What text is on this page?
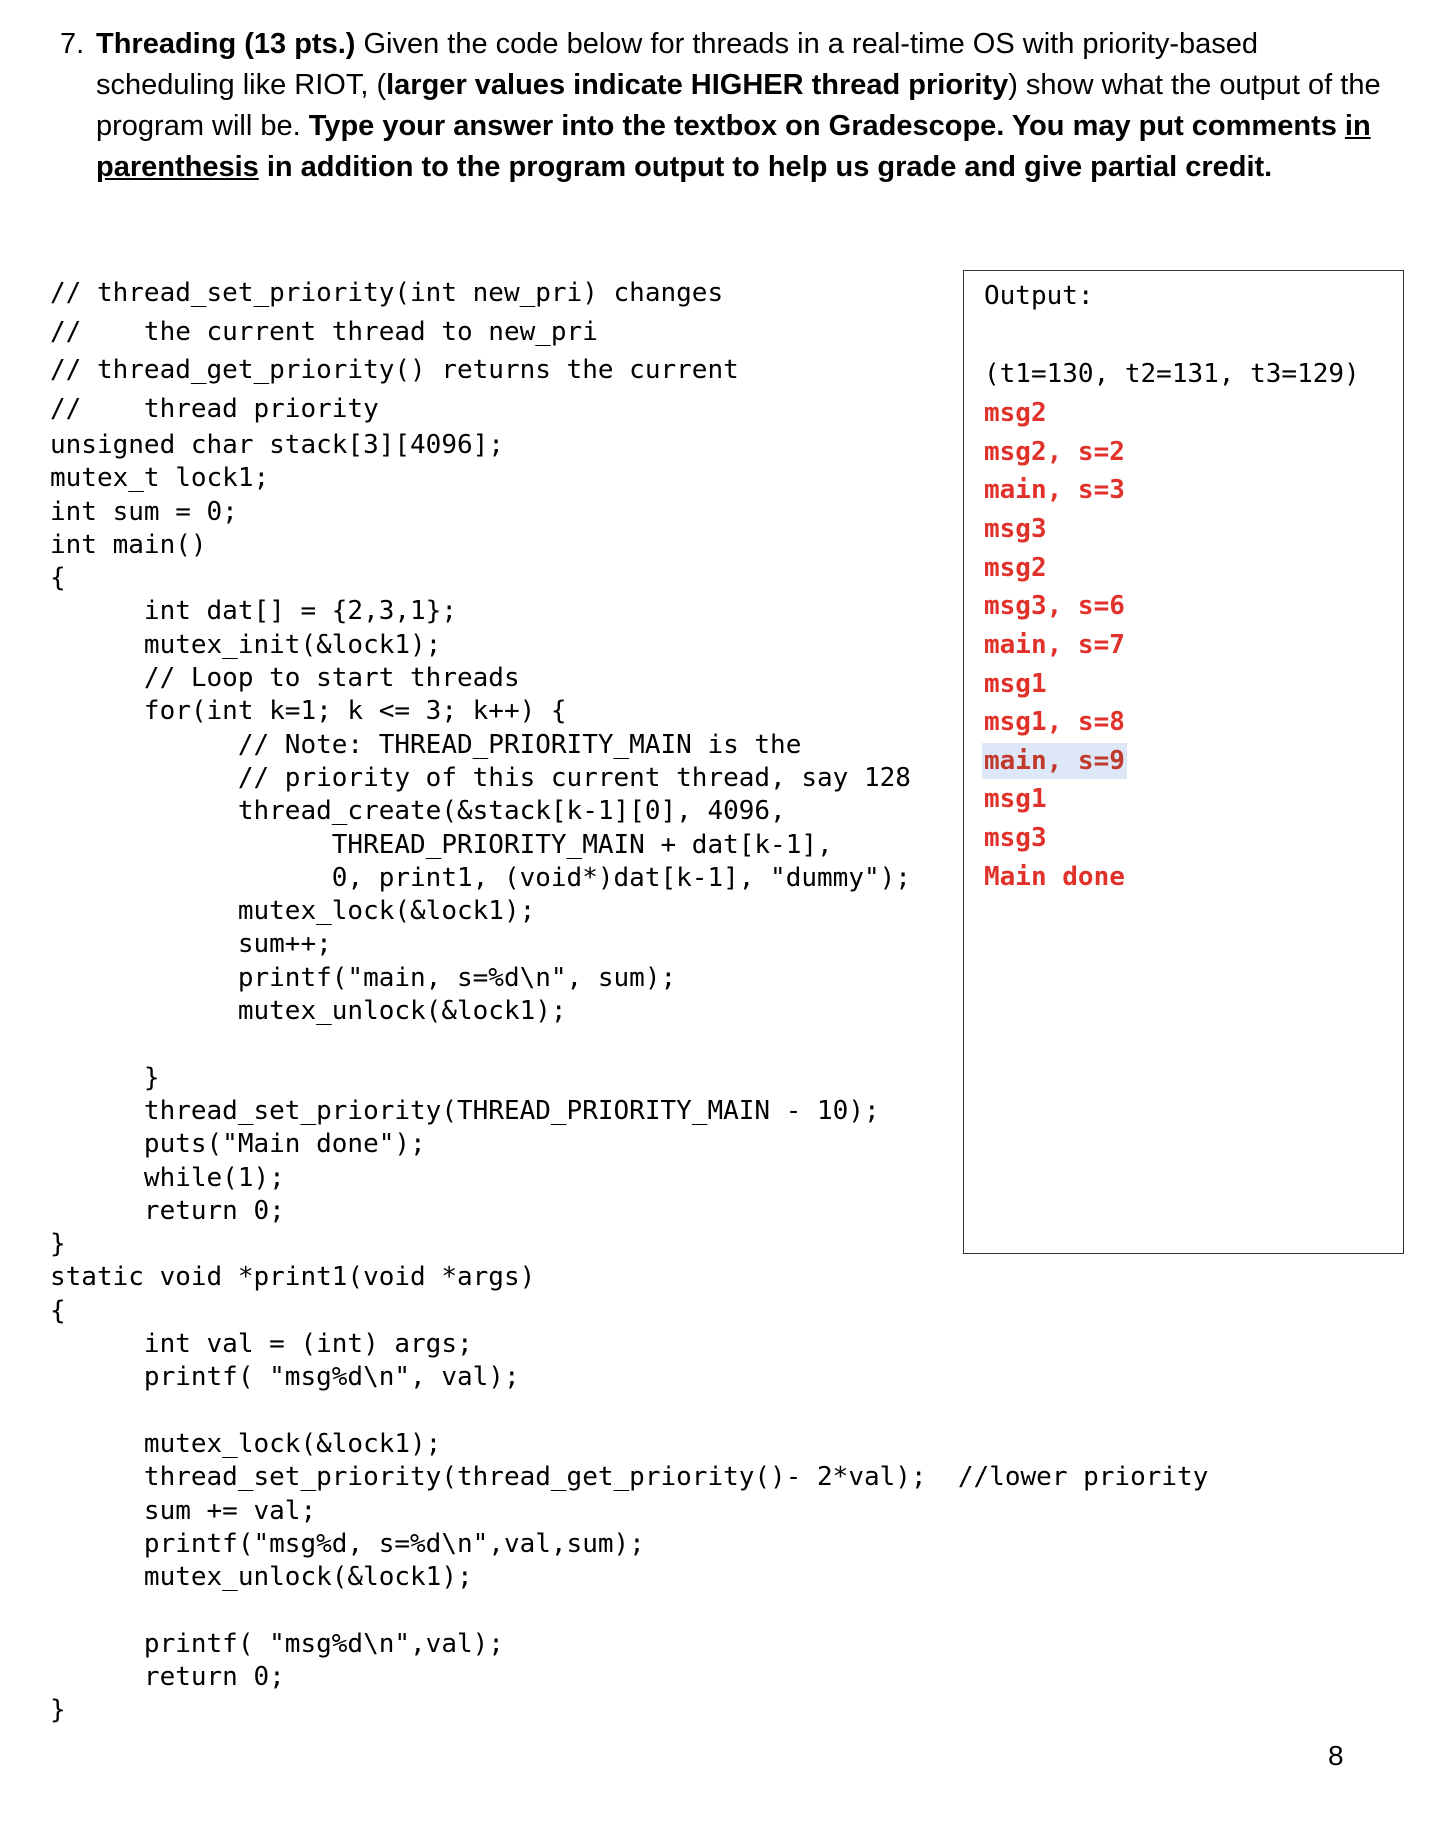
7. Threading (13 pts.) Given the code below for threads in a real-time OS with priority-based scheduling like RIOT, (larger values indicate HIGHER thread priority) show what the output of the program will be. Type your answer into the textbox on Gradescope. You may put comments in parenthesis in addition to the program output to help us grade and give partial credit.
// thread_set_priority(int new_pri) changes
//    the current thread to new_pri
// thread_get_priority() returns the current
//    thread priority
unsigned char stack[3][4096];
mutex_t lock1;
int sum = 0;
int main()
{
int dat[] = {2,3,1};
mutex_init(&lock1);
// Loop to start threads
for(int k=1; k <= 3; k++) {
// Note: THREAD_PRIORITY_MAIN is the
// priority of this current thread, say 128
thread_create(&stack[k-1][0], 4096,
THREAD_PRIORITY_MAIN + dat[k-1],
0, print1, (void*)dat[k-1], "dummy");
mutex_lock(&lock1);
sum++;
printf("main, s=%d\n", sum);
mutex_unlock(&lock1);

}
thread_set_priority(THREAD_PRIORITY_MAIN - 10);
puts("Main done");
while(1);
return 0;
}
static void *print1(void *args)
{
int val = (int) args;
printf( "msg%d\n", val);

mutex_lock(&lock1);
thread_set_priority(thread_get_priority()- 2*val);  //lower priority
sum += val;
printf("msg%d, s=%d\n",val,sum);
mutex_unlock(&lock1);

printf( "msg%d\n",val);
return 0;
}
Output:
(t1=130, t2=131, t3=129)
msg2
msg2, s=2
main, s=3
msg3
msg2
msg3, s=6
main, s=7
msg1
msg1, s=8
main, s=9
msg1
msg3
Main done
8
